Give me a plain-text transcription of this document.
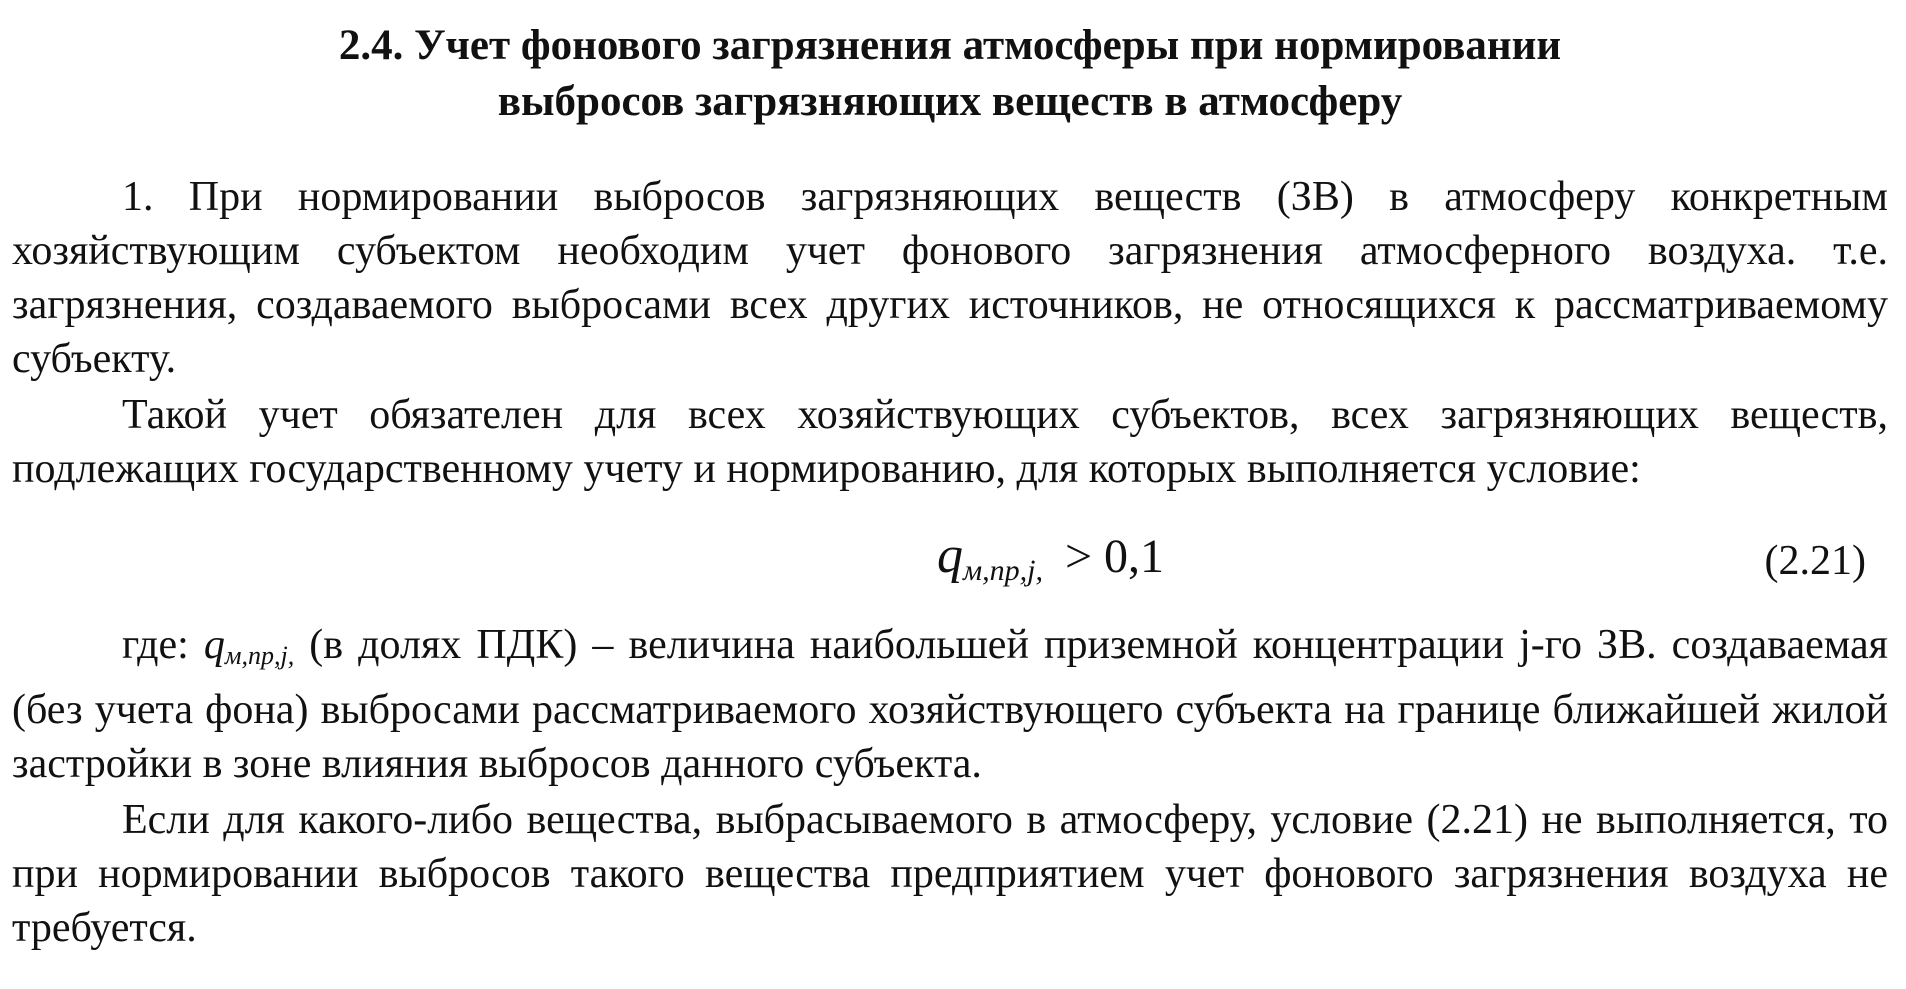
2.4. Учет фонового загрязнения атмосферы при нормировании
выбросов загрязняющих веществ в атмосферу

1. При нормировании выбросов загрязняющих веществ (ЗВ) в атмосферу конкретным хозяйствующим субъектом необходим учет фонового загрязнения атмосферного воздуха. т.е. загрязнения, создаваемого выбросами всех других источников, не относящихся к рассматриваемому субъекту.

Такой учет обязателен для всех хозяйствующих субъектов, всех загрязняющих веществ, подлежащих государственному учету и нормированию, для которых выполняется условие:

$q_{м,пр,j,} > 0,1$	(2.21)

где: qм,пр,j, (в долях ПДК) – величина наибольшей приземной концентрации j-го ЗВ. создаваемая (без учета фона) выбросами рассматриваемого хозяйствующего субъекта на границе ближайшей жилой застройки в зоне влияния выбросов данного субъекта.

Если для какого-либо вещества, выбрасываемого в атмосферу, условие (2.21) не выполняется, то при нормировании выбросов такого вещества предприятием учет фонового загрязнения воздуха не требуется.
